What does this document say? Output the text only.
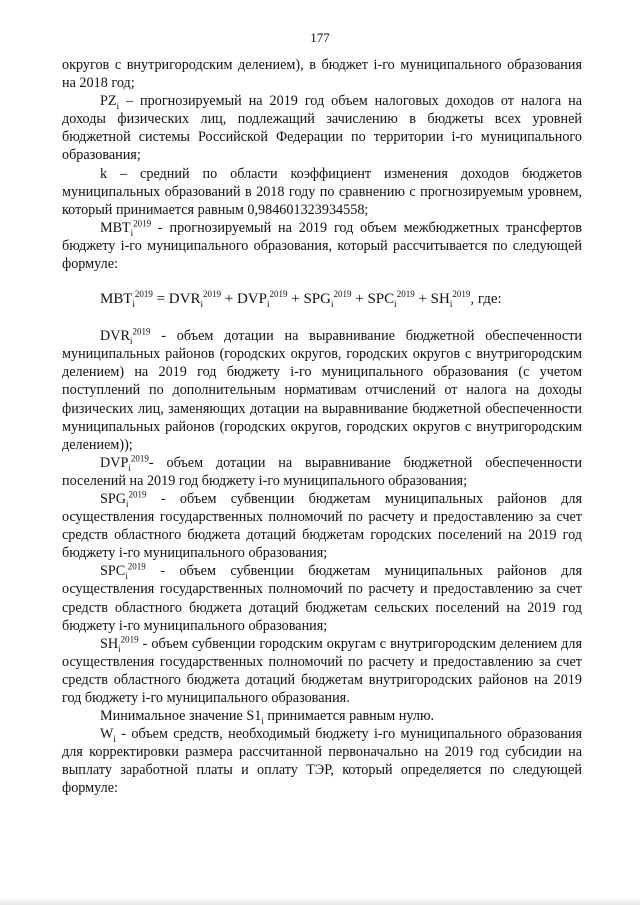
177

округов с внутригородским делением), в бюджет i-го муниципального образования на 2018 год;

$PZ_i$ – прогнозируемый на 2019 год объем налоговых доходов от налога на доходы физических лиц, подлежащий зачислению в бюджеты всех уровней бюджетной системы Российской Федерации по территории i-го муниципального образования;

k – средний по области коэффициент изменения доходов бюджетов муниципальных образований в 2018 году по сравнению с прогнозируемым уровнем, который принимается равным 0,984601323934558;

$МВТ_i^{2019}$ - прогнозируемый на 2019 год объем межбюджетных трансфертов бюджету i-го муниципального образования, который рассчитывается по следующей формуле:

$МВТ_i^{2019} = DVR_i^{2019} + DVP_i^{2019} + SPG_i^{2019} + SPC_i^{2019} + SH_i^{2019}$, где:

$DVR_i^{2019}$ - объем дотации на выравнивание бюджетной обеспеченности муниципальных районов (городских округов, городских округов с внутригородским делением) на 2019 год бюджету i-го муниципального образования (с учетом поступлений по дополнительным нормативам отчислений от налога на доходы физических лиц, заменяющих дотации на выравнивание бюджетной обеспеченности муниципальных районов (городских округов, городских округов с внутригородским делением));

$DVP_i^{2019}-$ объем дотации на выравнивание бюджетной обеспеченности поселений на 2019 год бюджету i-го муниципального образования;

$SPG_i^{2019}$ - объем субвенции бюджетам муниципальных районов для осуществления государственных полномочий по расчету и предоставлению за счет средств областного бюджета дотаций бюджетам городских поселений на 2019 год бюджету i-го муниципального образования;

$SPC_i^{2019}$ - объем субвенции бюджетам муниципальных районов для осуществления государственных полномочий по расчету и предоставлению за счет средств областного бюджета дотаций бюджетам сельских поселений на 2019 год бюджету i-го муниципального образования;

$SH_i^{2019}$ - объем субвенции городским округам с внутригородским делением для осуществления государственных полномочий по расчету и предоставлению за счет средств областного бюджета дотаций бюджетам внутригородских районов на 2019 год бюджету i-го муниципального образования.

Минимальное значение $S1_i$ принимается равным нулю.

$W_i$ - объем средств, необходимый бюджету i-го муниципального образования для корректировки размера рассчитанной первоначально на 2019 год субсидии на выплату заработной платы и оплату ТЭР, который определяется по следующей формуле:
